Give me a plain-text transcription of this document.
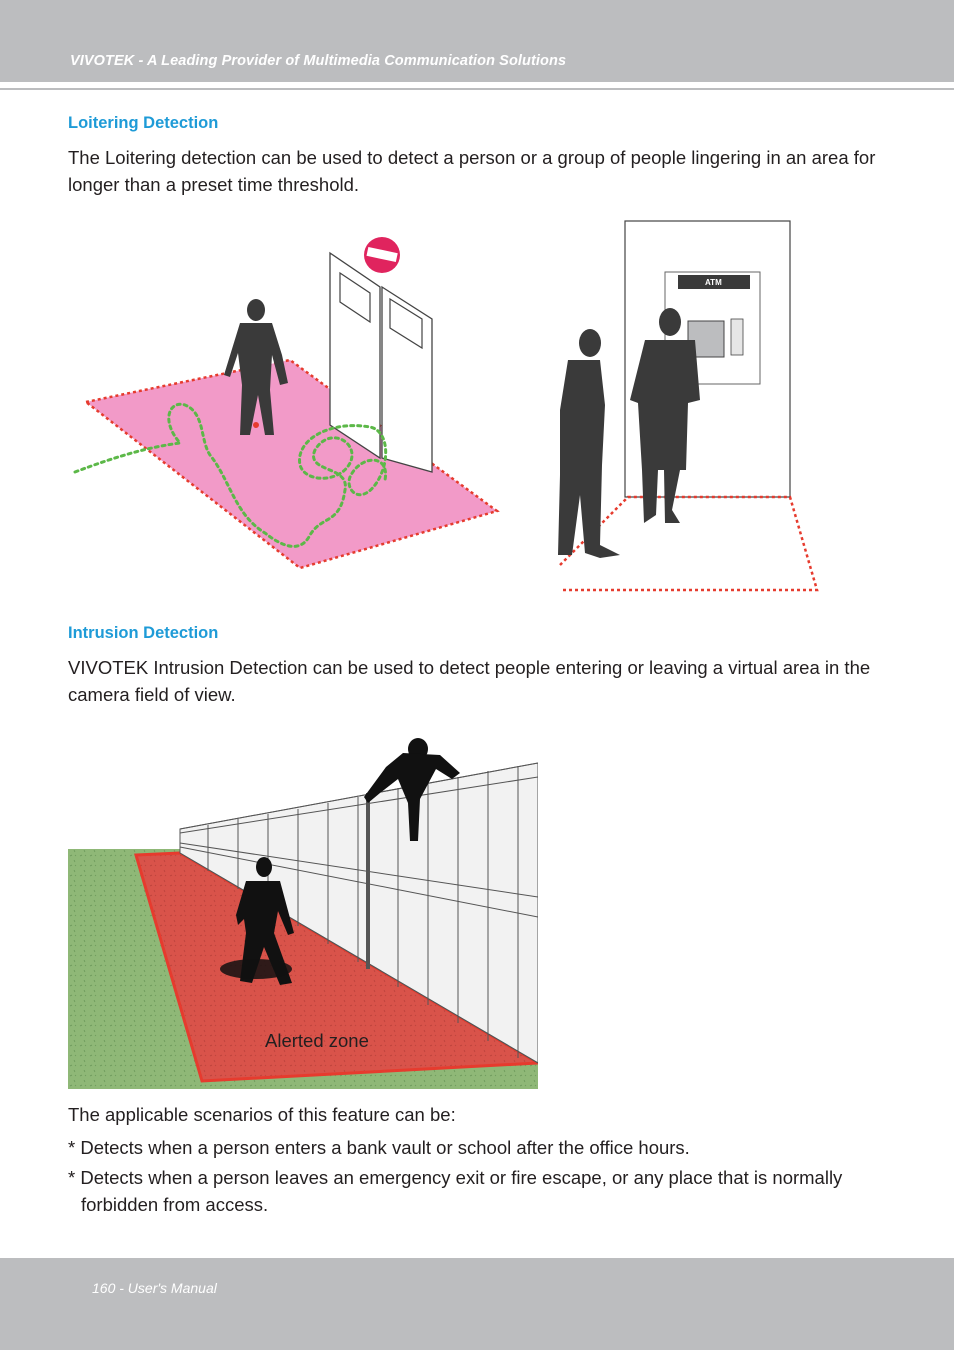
VIVOTEK - A Leading Provider of Multimedia Communication Solutions
Loitering Detection
The Loitering detection can be used to detect a person or a group of people lingering in an area for longer than a preset time threshold.
ATM
Intrusion Detection
VIVOTEK Intrusion Detection can be used to detect people entering or leaving a virtual area in the camera field of view.
Alerted zone
The applicable scenarios of this feature can be:
* Detects when a person enters a bank vault or school after the office hours.
* Detects when a person leaves an emergency exit or fire escape, or any place that is normally forbidden from access.
160 - User's Manual
